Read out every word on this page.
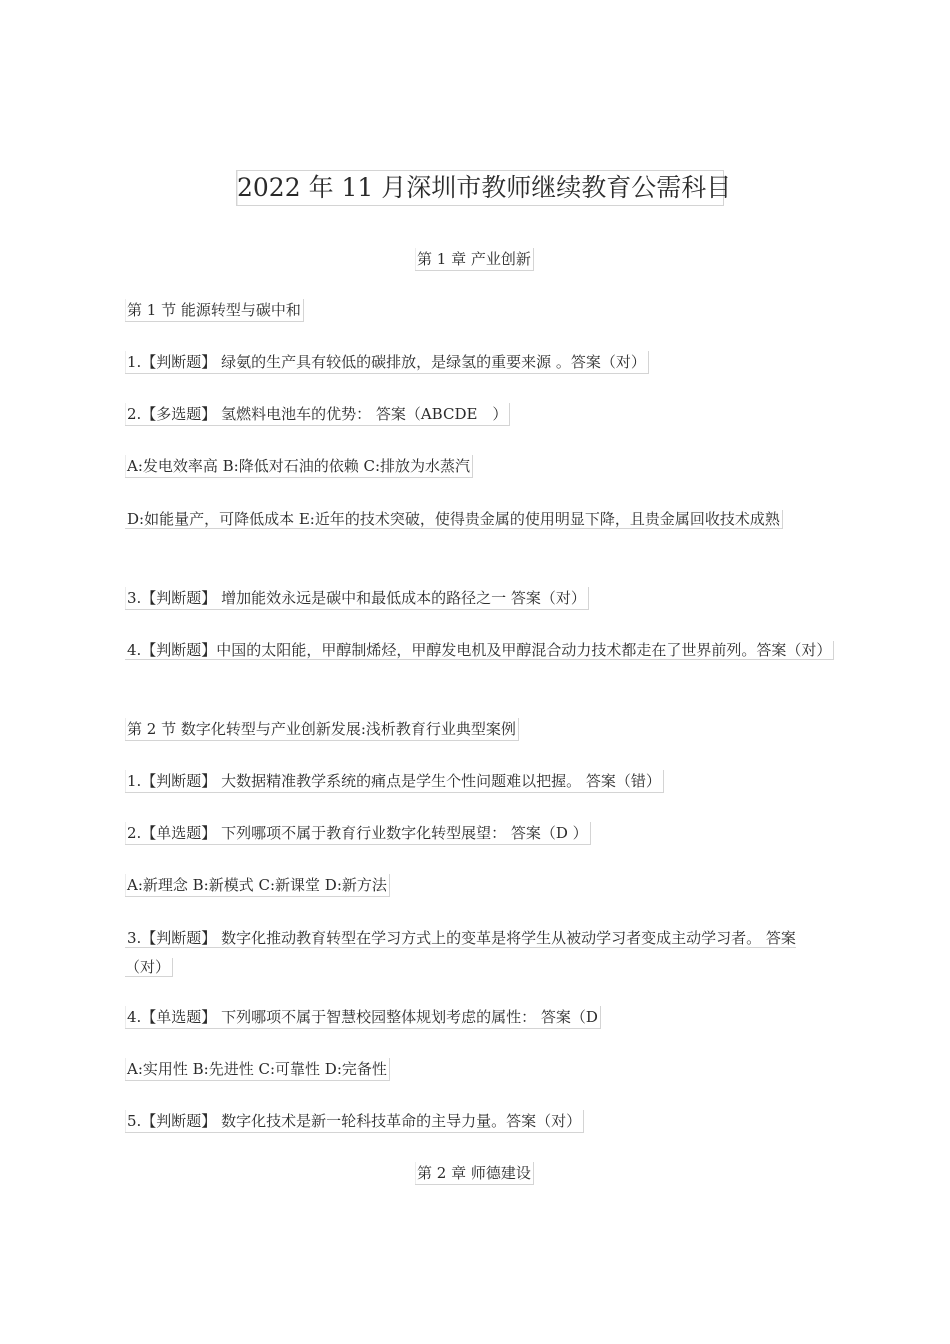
2022 年 11 月深圳市教师继续教育公需科目
第 1 章 产业创新
第 1 节 能源转型与碳中和
1.【判断题】 绿氨的生产具有较低的碳排放，是绿氢的重要来源 。答案（对）
2.【多选题】 氢燃料电池车的优势： 答案（ABCDE　）
A:发电效率高 B:降低对石油的依赖 C:排放为水蒸汽
D:如能量产，可降低成本 E:近年的技术突破，使得贵金属的使用明显下降，且贵金属回收技术成熟
3.【判断题】 增加能效永远是碳中和最低成本的路径之一 答案（对）
4.【判断题】中国的太阳能，甲醇制烯烃，甲醇发电机及甲醇混合动力技术都走在了世界前列。答案（对）
第 2 节 数字化转型与产业创新发展:浅析教育行业典型案例
1.【判断题】 大数据精准教学系统的痛点是学生个性问题难以把握。 答案（错）
2.【单选题】 下列哪项不属于教育行业数字化转型展望： 答案（D ）
A:新理念 B:新模式 C:新课堂 D:新方法
3.【判断题】 数字化推动教育转型在学习方式上的变革是将学生从被动学习者变成主动学习者。 答案（对）
4.【单选题】 下列哪项不属于智慧校园整体规划考虑的属性： 答案（D
A:实用性 B:先进性 C:可靠性 D:完备性
5.【判断题】 数字化技术是新一轮科技革命的主导力量。答案（对）
第 2 章 师德建设
